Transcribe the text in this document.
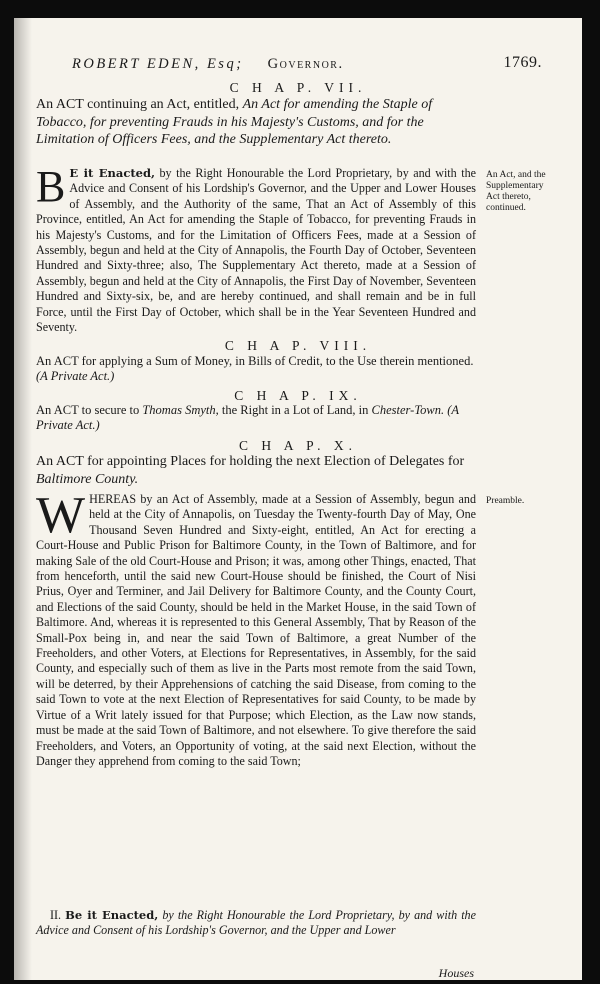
ROBERT EDEN, Esq; Governor.	1769.
C H A P. VII.
An ACT continuing an Act, entitled, An Act for amending the Staple of Tobacco, for preventing Frauds in his Majesty's Customs, and for the Limitation of Officers Fees, and the Supplementary Act thereto.
B E it Enacted, by the Right Honourable the Lord Proprietary, by and with the Advice and Consent of his Lordship's Governor, and the Upper and Lower Houses of Assembly, and the Authority of the same, That an Act of Assembly of this Province, entitled, An Act for amending the Staple of Tobacco, for preventing Frauds in his Majesty's Customs, and for the Limitation of Officers Fees, made at a Session of Assembly, begun and held at the City of Annapolis, the Fourth Day of October, Seventeen Hundred and Sixty-three; also, The Supplementary Act thereto, made at a Session of Assembly, begun and held at the City of Annapolis, the First Day of November, Seventeen Hundred and Sixty-six, be, and are hereby continued, and shall remain and be in full Force, until the First Day of October, which shall be in the Year Seventeen Hundred and Seventy.
An Act, and the Supplementary Act thereto, continued.
C H A P. VIII.
An ACT for applying a Sum of Money, in Bills of Credit, to the Use therein mentioned. (A Private Act.)
C H A P. IX.
An ACT to secure to Thomas Smyth, the Right in a Lot of Land, in Chester-Town. (A Private Act.)
C H A P. X.
An ACT for appointing Places for holding the next Election of Delegates for Baltimore County.
W HEREAS by an Act of Assembly, made at a Session of Assembly, begun and held at the City of Annapolis, on Tuesday the Twenty-fourth Day of May, One Thousand Seven Hundred and Sixty-eight, entitled, An Act for erecting a Court-House and Public Prison for Baltimore County, in the Town of Baltimore, and for making Sale of the old Court-House and Prison; it was, among other Things, enacted, That from henceforth, until the said new Court-House should be finished, the Court of Nisi Prius, Oyer and Terminer, and Jail Delivery for Baltimore County, and the County Court, and Elections of the said County, should be held in the Market House, in the said Town of Baltimore. And, whereas it is represented to this General Assembly, That by Reason of the Small-Pox being in, and near the said Town of Baltimore, a great Number of the Freeholders, and other Voters, at Elections for Representatives, in Assembly, for the said County, and especially such of them as live in the Parts most remote from the said Town, will be deterred, by their Apprehensions of catching the said Disease, from coming to the said Town to vote at the next Election of Representatives for said County, to be made by Virtue of a Writ lately issued for that Purpose; which Election, as the Law now stands, must be made at the said Town of Baltimore, and not elsewhere. To give therefore the said Freeholders, and Voters, an Opportunity of voting, at the said next Election, without the Danger they apprehend from coming to the said Town;
Preamble.
II. Be it Enacted, by the Right Honourable the Lord Proprietary, by and with the Advice and Consent of his Lordship's Governor, and the Upper and Lower
Houses
